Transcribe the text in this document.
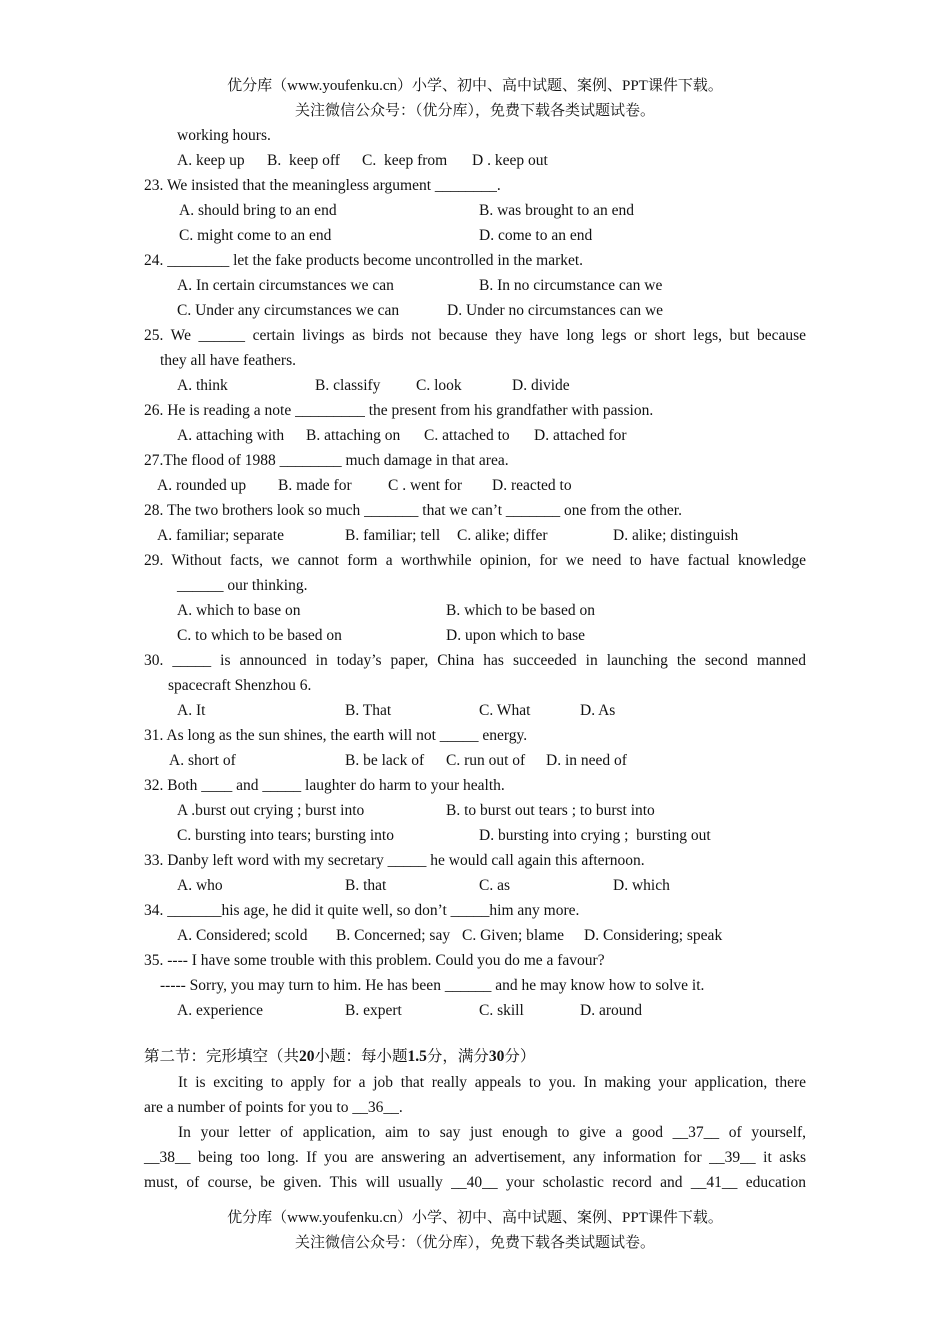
优分库（www.youfenku.cn）小学、初中、高中试题、案例、PPT课件下载。
关注微信公众号：（优分库），免费下载各类试题试卷。
working hours.
A. keep up B.  keep off C.  keep from D . keep out
23. We insisted that the meaningless argument ________.
A. should bring to an end	B. was brought to an end
C. might come to an end	D. come to an end
24. ________ let the fake products become uncontrolled in the market.
A. In certain circumstances we can	B. In no circumstance can we
C. Under any circumstances we can	D. Under no circumstances can we
25. We ______ certain livings as birds not because they have long legs or short legs, but because
they all have feathers.
A. think	B. classify C. look	D. divide
26. He is reading a note _________ the present from his grandfather with passion.
A. attaching with B. attaching on C. attached to D. attached for
27.The flood of 1988 ________ much damage in that area.
A. rounded up B. made for C . went for D. reacted to
28. The two brothers look so much _______ that we can’t _______ one from the other.
A. familiar; separate	B. familiar; tell C. alike; differ	D. alike; distinguish
29. Without facts, we cannot form a worthwhile opinion, for we need to have factual knowledge
______ our thinking.
A. which to base on	B. which to be based on
C. to which to be based on	D. upon which to base
30. _____ is announced in today’s paper, China has succeeded in launching the second manned
spacecraft Shenzhou 6.
A. It	B. That	C. What	D. As
31. As long as the sun shines, the earth will not _____ energy.
A. short of	B. be lack of C. run out of D. in need of
32. Both ____ and _____ laughter do harm to your health.
A .burst out crying ; burst into	B. to burst out tears ; to burst into
C. bursting into tears; bursting into	D. bursting into crying ;  bursting out
33. Danby left word with my secretary _____ he would call again this afternoon.
A. who	B. that	C. as	D. which
34. _______his age, he did it quite well, so don’t _____him any more.
A. Considered; scold B. Concerned; say C. Given; blame D. Considering; speak
35. ---- I have some trouble with this problem. Could you do me a favour?
----- Sorry, you may turn to him. He has been ______ and he may know how to solve it.
A. experience	B. expert	C. skill	D. around
第二节：完形填空（共20小题：每小题1.5分，满分30分）
It is exciting to apply for a job that really appeals to you. In making your application, there
are a number of points for you to __36__.
In your letter of application, aim to say just enough to give a good __37__ of yourself,
__38__ being too long. If you are answering an advertisement, any information for __39__ it asks
must, of course, be given. This will usually __40__ your scholastic record and __41__ education
优分库（www.youfenku.cn）小学、初中、高中试题、案例、PPT课件下载。
关注微信公众号：（优分库），免费下载各类试题试卷。
